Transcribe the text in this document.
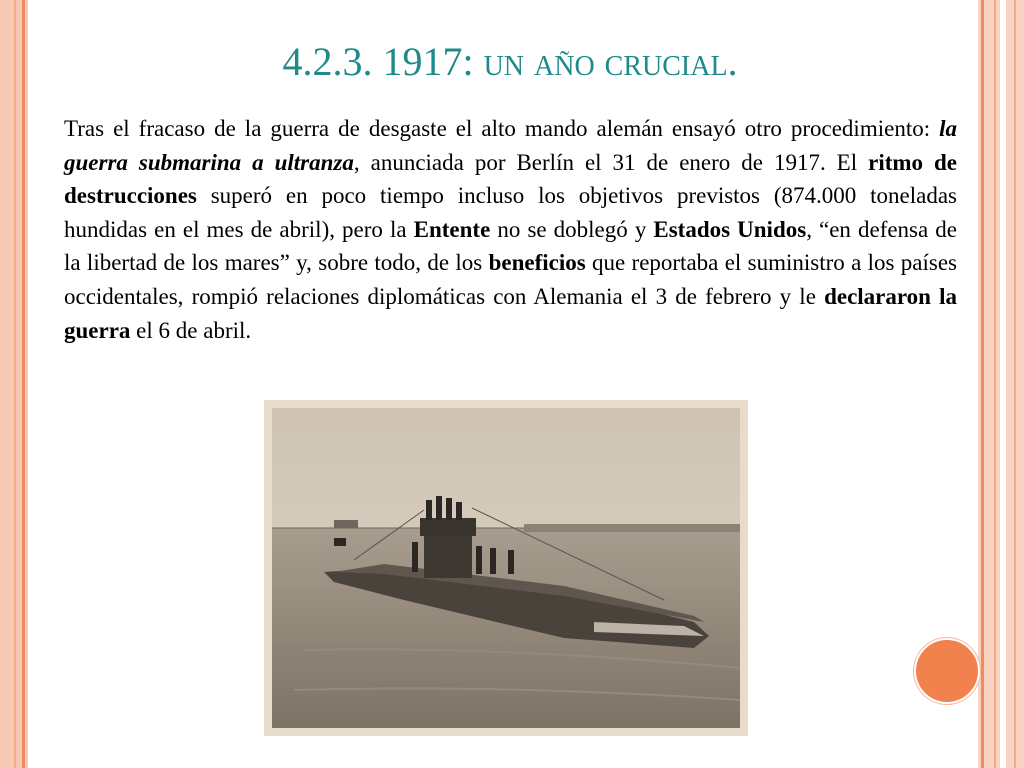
4.2.3. 1917: un año crucial.

Tras el fracaso de la guerra de desgaste el alto mando alemán ensayó otro procedimiento: la guerra submarina a ultranza, anunciada por Berlín el 31 de enero de 1917. El ritmo de destrucciones superó en poco tiempo incluso los objetivos previstos (874.000 toneladas hundidas en el mes de abril), pero la Entente no se doblegó y Estados Unidos, “en defensa de la libertad de los mares” y, sobre todo, de los beneficios que reportaba el suministro a los países occidentales, rompió relaciones diplomáticas con Alemania el 3 de febrero y le declararon la guerra el 6 de abril.
